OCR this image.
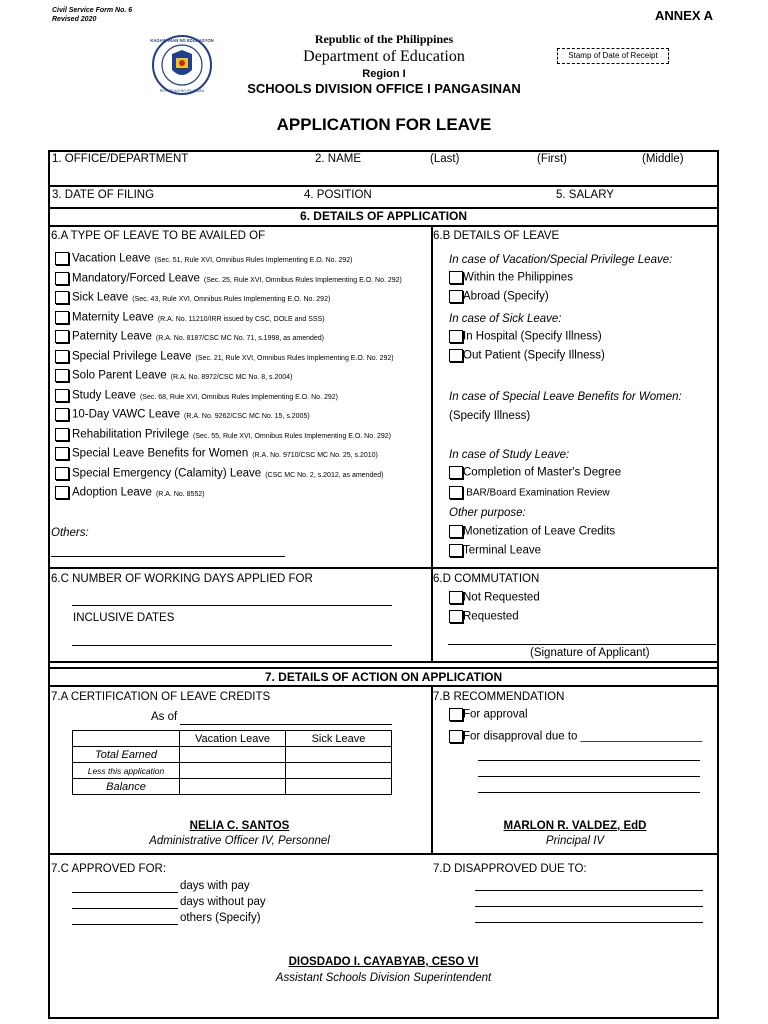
Civil Service Form No. 6
Revised 2020	ANNEX A
KAGAWARAN NG EDUKASYON
REPUBLIKA NG PILIPINAS
Republic of the Philippines
Department of Education
Region I
SCHOOLS DIVISION OFFICE I PANGASINAN
Stamp of Date of Receipt
APPLICATION FOR LEAVE
1. OFFICE/DEPARTMENT	2. NAME	(Last)	(First)	(Middle)
3. DATE OF FILING	4. POSITION	5. SALARY
6. DETAILS OF APPLICATION
6.A TYPE OF LEAVE TO BE AVAILED OF
Vacation Leave (Sec. 51, Rule XVI, Omnibus Rules Implementing E.O. No. 292)
Mandatory/Forced Leave (Sec. 25, Rule XVI, Omnibus Rules Implementing E.O. No. 292)
Sick Leave (Sec. 43, Rule XVI, Omnibus Rules Implementing E.O. No. 292)
Maternity Leave (R.A. No. 11210/IRR issued by CSC, DOLE and SSS)
Paternity Leave (R.A. No. 8187/CSC MC No. 71, s.1998, as amended)
Special Privilege Leave (Sec. 21, Rule XVI, Omnibus Rules Implementing E.O. No. 292)
Solo Parent Leave (R.A. No. 8972/CSC MC No. 8, s.2004)
Study Leave (Sec. 68, Rule XVI, Omnibus Rules Implementing E.O. No. 292)
10-Day VAWC Leave (R.A. No. 9262/CSC MC No. 15, s.2005)
Rehabilitation Privilege (Sec. 55, Rule XVI, Omnibus Rules Implementing E.O. No. 292)
Special Leave Benefits for Women (R.A. No. 9710/CSC MC No. 25, s.2010)
Special Emergency (Calamity) Leave (CSC MC No. 2, s.2012, as amended)
Adoption Leave (R.A. No. 8552)
Others:
6.B DETAILS OF LEAVE
In case of Vacation/Special Privilege Leave:
Within the Philippines
Abroad (Specify)
In case of Sick Leave:
In Hospital (Specify Illness)
Out Patient (Specify Illness)
In case of Special Leave Benefits for Women:
(Specify Illness)
In case of Study Leave:
Completion of Master's Degree
BAR/Board Examination Review
Other purpose:
Monetization of Leave Credits
Terminal Leave
6.C NUMBER OF WORKING DAYS APPLIED FOR
INCLUSIVE DATES
6.D COMMUTATION
Not Requested
Requested
(Signature of Applicant)
7. DETAILS OF ACTION ON APPLICATION
7.A CERTIFICATION OF LEAVE CREDITS
As of
	Vacation Leave	Sick Leave
Total Earned		
Less this application		
Balance		
NELIA C. SANTOS
Administrative Officer IV, Personnel
7.B RECOMMENDATION
For approval
For disapproval due to ___________________
MARLON R. VALDEZ, EdD
Principal IV
7.C APPROVED FOR:
days with pay
days without pay
others (Specify)
7.D DISAPPROVED DUE TO:
DIOSDADO I. CAYABYAB, CESO VI
Assistant Schools Division Superintendent
